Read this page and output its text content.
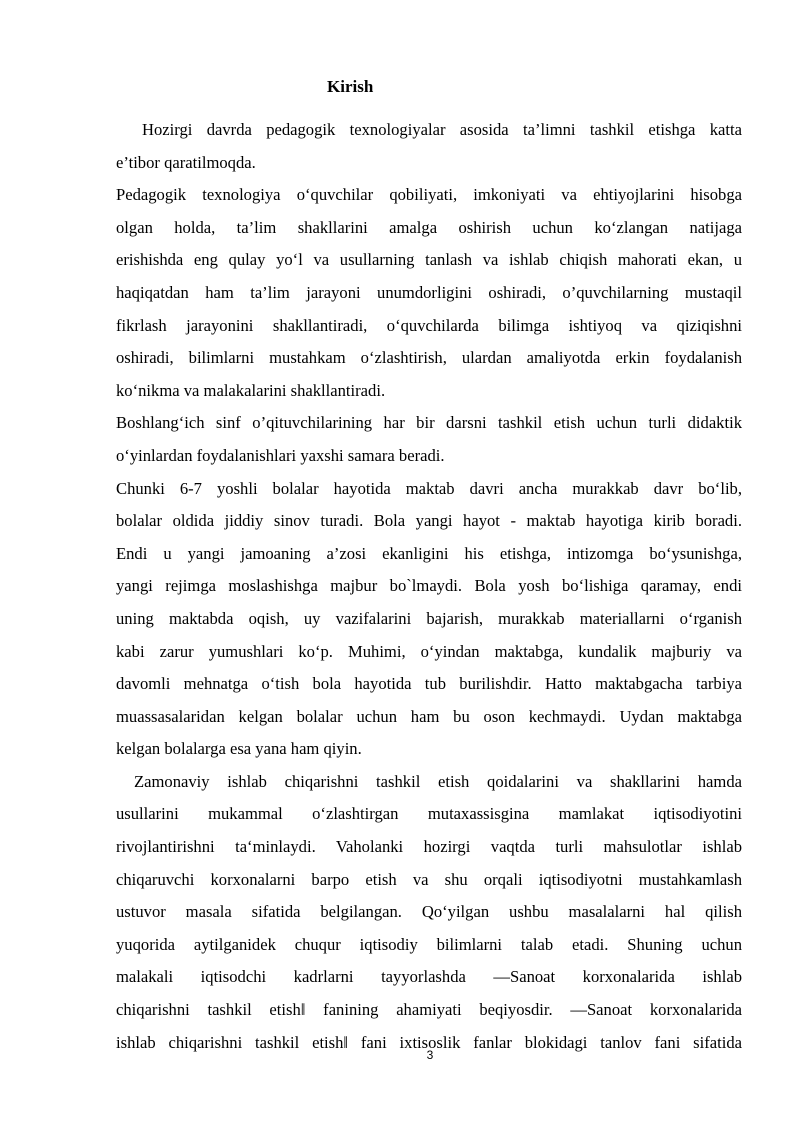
Kirish
Hozirgi davrda pedagogik texnologiyalar asosida ta’limni tashkil etishga katta
e’tibor qaratilmoqda.
Pedagogik texnologiya o‘quvchilar qobiliyati, imkoniyati va ehtiyojlarini hisobga
olgan holda, ta’lim shakllarini amalga oshirish uchun ko‘zlangan natijaga
erishishda eng qulay yo‘l va usullarning tanlash va ishlab chiqish mahorati ekan, u
haqiqatdan ham ta’lim jarayoni unumdorligini oshiradi, o’quvchilarning mustaqil
fikrlash jarayonini shakllantiradi, o‘quvchilarda bilimga ishtiyoq va qiziqishni
oshiradi, bilimlarni mustahkam o‘zlashtirish, ulardan amaliyotda erkin foydalanish
ko‘nikma va malakalarini shakllantiradi.
Boshlang‘ich sinf o’qituvchilarining har bir darsni tashkil etish uchun turli didaktik
o‘yinlardan foydalanishlari yaxshi samara beradi.
Chunki 6-7 yoshli bolalar hayotida maktab davri ancha murakkab davr bo‘lib,
bolalar oldida jiddiy sinov turadi. Bola yangi hayot - maktab hayotiga kirib boradi.
Endi u yangi jamoaning a’zosi ekanligini his etishga, intizomga bo‘ysunishga,
yangi rejimga moslashishga majbur bo`lmaydi. Bola yosh bo‘lishiga qaramay, endi
uning maktabda oqish, uy vazifalarini bajarish, murakkab materiallarni o‘rganish
kabi zarur yumushlari ko‘p. Muhimi, o‘yindan maktabga, kundalik majburiy va
davomli mehnatga o‘tish bola hayotida tub burilishdir. Hatto maktabgacha tarbiya
muassasalaridan kelgan bolalar uchun ham bu oson kechmaydi. Uydan maktabga
kelgan bolalarga esa yana ham qiyin.
Zamonaviy ishlab chiqarishni tashkil etish qoidalarini va shakllarini hamda
usullarini mukammal o‘zlashtirgan mutaxassisgina mamlakat iqtisodiyotini
rivojlantirishni ta‘minlaydi. Vaholanki hozirgi vaqtda turli mahsulotlar ishlab
chiqaruvchi korxonalarni barpo etish va shu orqali iqtisodiyotni mustahkamlash
ustuvor masala sifatida belgilangan. Qo‘yilgan ushbu masalalarni hal qilish
yuqorida aytilganidek chuqur iqtisodiy bilimlarni talab etadi. Shuning uchun
malakali iqtisodchi kadrlarni tayyorlashda ―Sanoat korxonalarida ishlab
chiqarishni tashkil etish‖ fanining ahamiyati beqiyosdir. ―Sanoat korxonalarida
ishlab chiqarishni tashkil etish‖ fani ixtisoslik fanlar blokidagi tanlov fani sifatida
3
